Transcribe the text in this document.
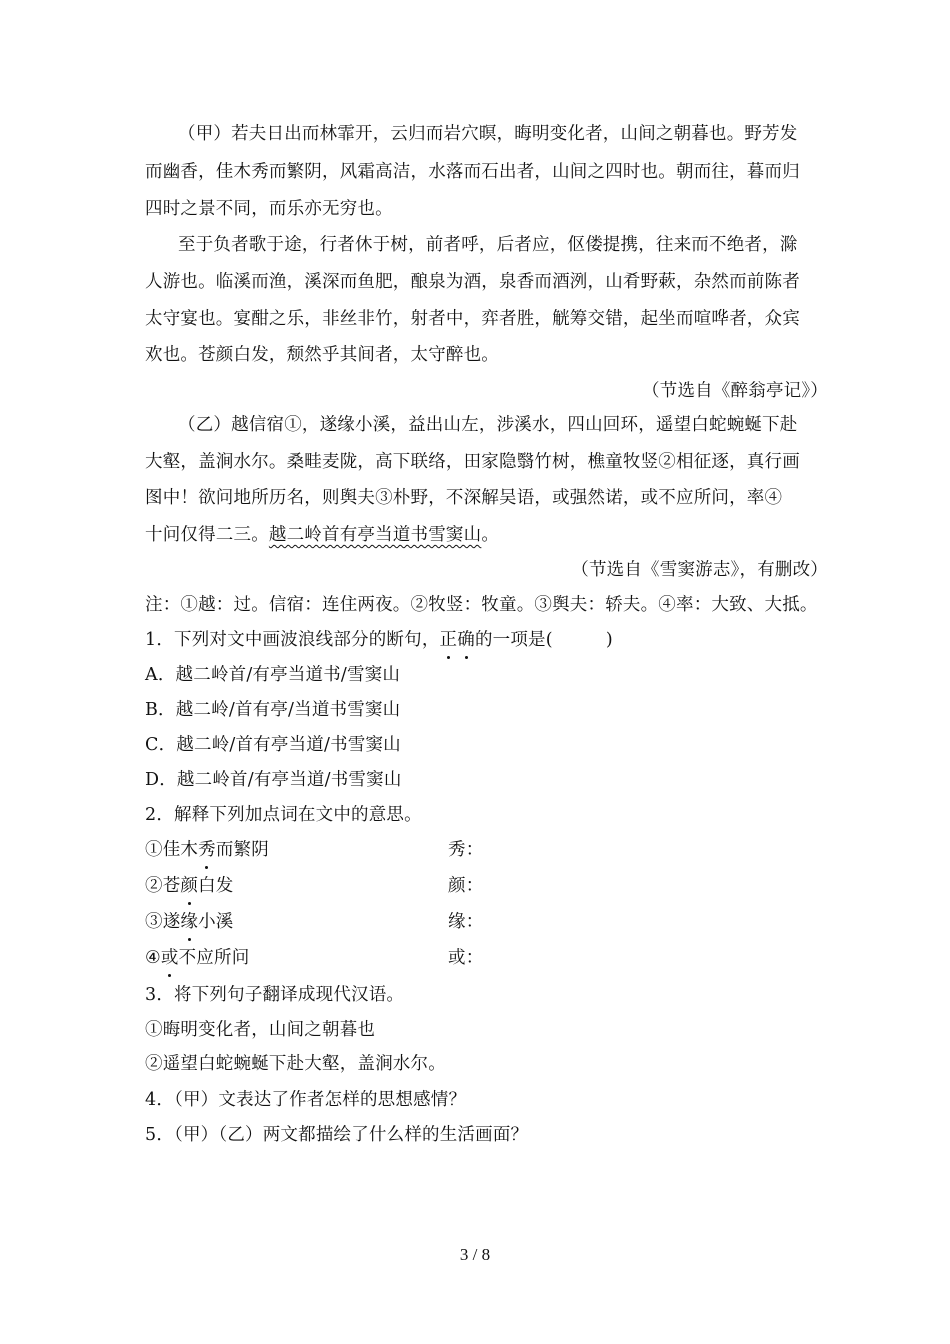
（甲）若夫日出而林霏开，云归而岩穴暝，晦明变化者，山间之朝暮也。野芳发
而幽香，佳木秀而繁阴，风霜高洁，水落而石出者，山间之四时也。朝而往，暮而归
四时之景不同，而乐亦无穷也。
至于负者歌于途，行者休于树，前者呼，后者应，伛偻提携，往来而不绝者，滁
人游也。临溪而渔，溪深而鱼肥，酿泉为酒，泉香而酒洌，山肴野蔌，杂然而前陈者
太守宴也。宴酣之乐，非丝非竹，射者中，弈者胜，觥筹交错，起坐而喧哗者，众宾
欢也。苍颜白发，颓然乎其间者，太守醉也。
（节选自《醉翁亭记》）
（乙）越信宿①，遂缘小溪，益出山左，涉溪水，四山回环，遥望白蛇蜿蜒下赴
大壑，盖涧水尔。桑畦麦陇，高下联络，田家隐翳竹树，樵童牧竖②相征逐，真行画
图中！欲问地所历名，则舆夫③朴野，不深解吴语，或强然诺，或不应所问，率④
十问仅得二三。越二岭首有亭当道书雪窦山。
（节选自《雪窦游志》，有删改）
注：①越：过。信宿：连住两夜。②牧竖：牧童。③舆夫：轿夫。④率：大致、大抵。
1．下列对文中画波浪线部分的断句，正确的一项是(　　　)
A．越二岭首/有亭当道书/雪窦山
B．越二岭/首有亭/当道书雪窦山
C．越二岭/首有亭当道/书雪窦山
D．越二岭首/有亭当道/书雪窦山
2．解释下列加点词在文中的意思。
①佳木秀而繁阴	秀：
②苍颜白发	颜：
③遂缘小溪	缘：
④或不应所问	或：
3．将下列句子翻译成现代汉语。
①晦明变化者，山间之朝暮也
②遥望白蛇蜿蜒下赴大壑，盖涧水尔。
4．（甲）文表达了作者怎样的思想感情？
5．（甲）（乙）两文都描绘了什么样的生活画面？
3 / 8
